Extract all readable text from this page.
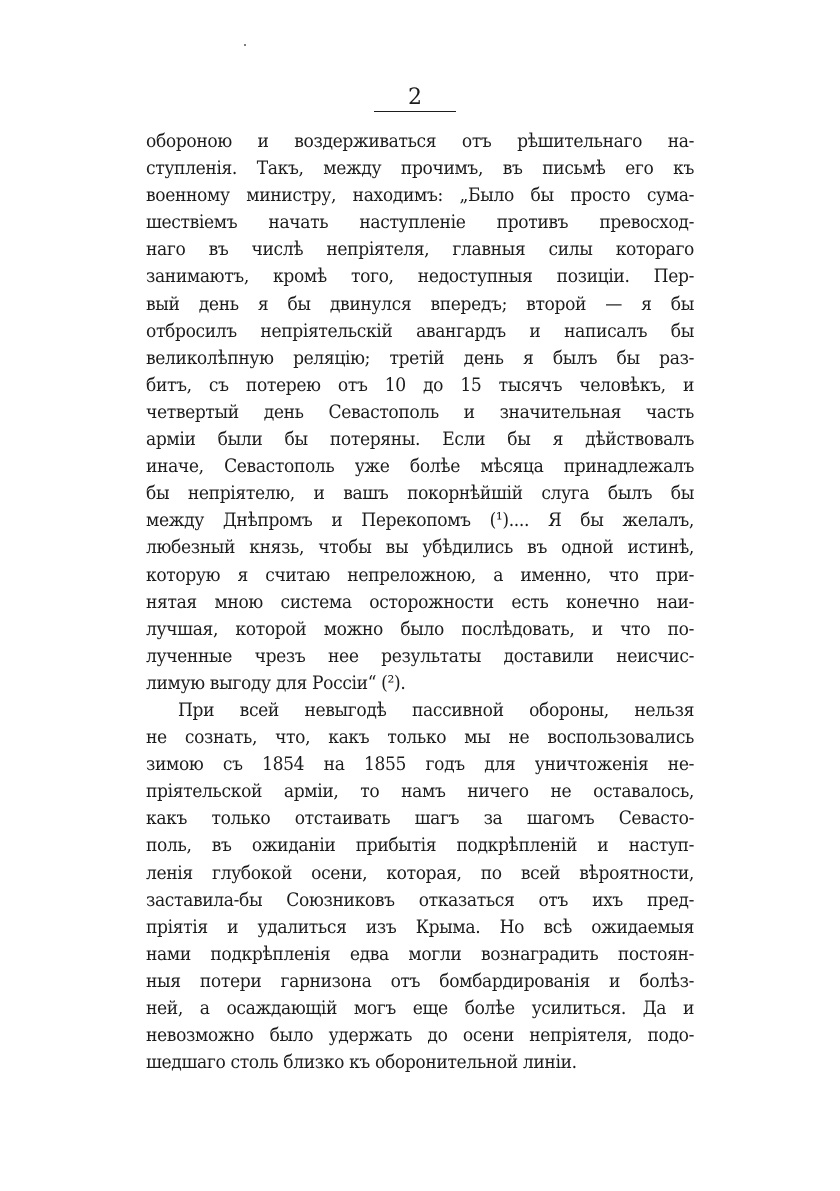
2
обороною и воздерживаться отъ рѣшительнаго на-
ступленія. Такъ, между прочимъ, въ письмѣ его къ
военному министру, находимъ: „Было бы просто сума-
шествіемъ начать наступленіе противъ превосход-
наго въ числѣ непріятеля, главныя силы котораго
занимаютъ, кромѣ того, недоступныя позиціи. Пер-
вый день я бы двинулся впередъ; второй — я бы
отбросилъ непріятельскій авангардъ и написалъ бы
великолѣпную реляцію; третій день я былъ бы раз-
битъ, съ потерею отъ 10 до 15 тысячъ человѣкъ, и
четвертый день Севастополь и значительная часть
арміи были бы потеряны. Если бы я дѣйствовалъ
иначе, Севастополь уже болѣе мѣсяца принадлежалъ
бы непріятелю, и вашъ покорнѣйшій слуга былъ бы
между Днѣпромъ и Перекопомъ (¹).... Я бы желалъ,
любезный князь, чтобы вы убѣдились въ одной истинѣ,
которую я считаю непреложною, а именно, что при-
нятая мною система осторожности есть конечно наи-
лучшая, которой можно было послѣдовать, и что по-
лученные чрезъ нее результаты доставили неисчис-
лимую выгоду для Россіи“ (²).
При всей невыгодѣ пассивной обороны, нельзя
не сознать, что, какъ только мы не воспользовались
зимою съ 1854 на 1855 годъ для уничтоженія не-
пріятельской арміи, то намъ ничего не оставалось,
какъ только отстаивать шагъ за шагомъ Севасто-
поль, въ ожиданіи прибытія подкрѣпленій и наступ-
ленія глубокой осени, которая, по всей вѣроятности,
заставила-бы Союзниковъ отказаться отъ ихъ пред-
пріятія и удалиться изъ Крыма. Но всѣ ожидаемыя
нами подкрѣпленія едва могли вознаградить постоян-
ныя потери гарнизона отъ бомбардированія и болѣз-
ней, а осаждающій могъ еще болѣе усилиться. Да и
невозможно было удержать до осени непріятеля, подо-
шедшаго столь близко къ оборонительной линіи.
